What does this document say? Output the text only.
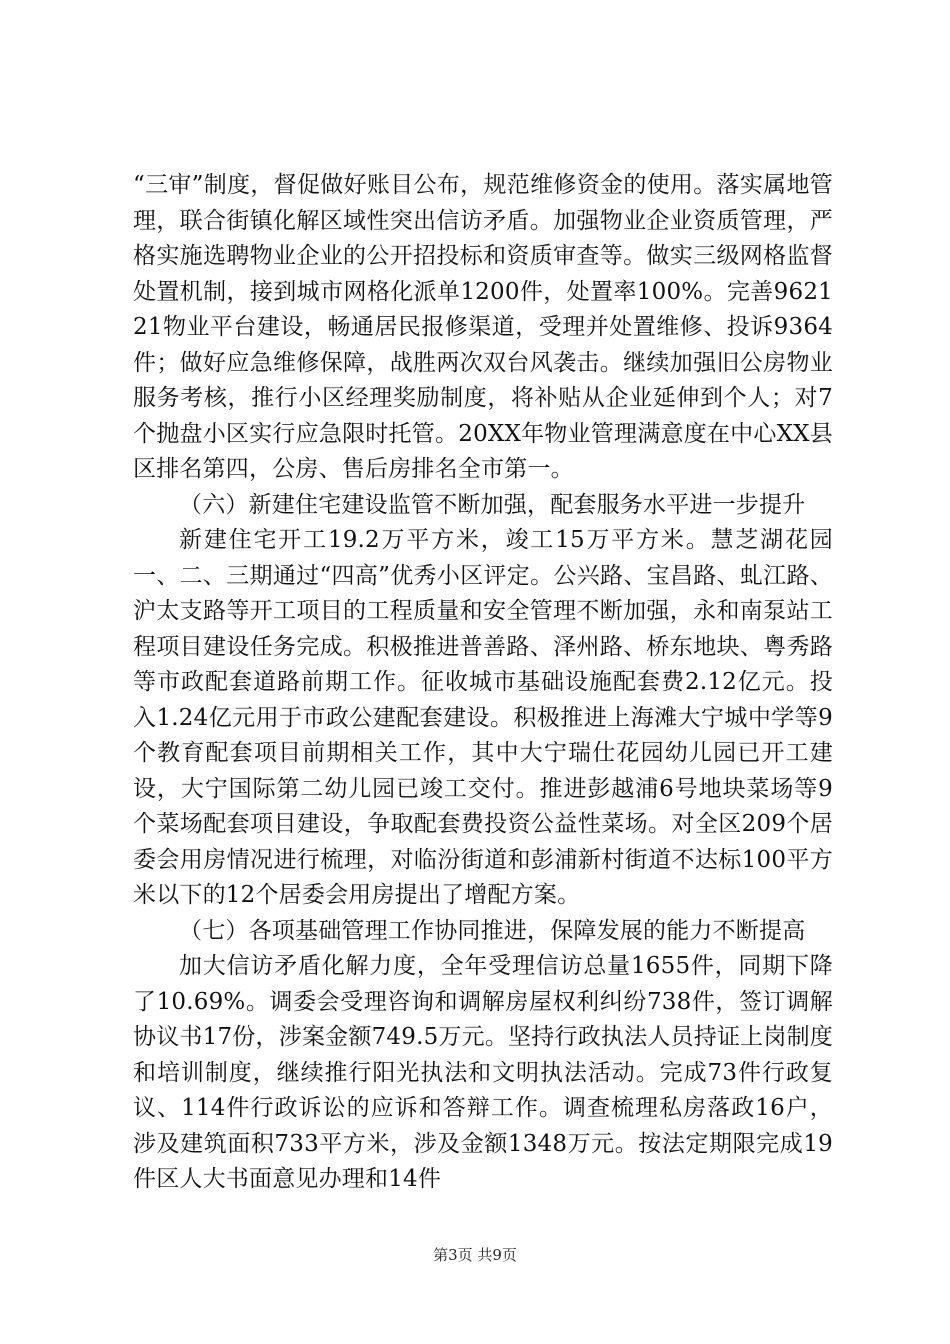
“三审”制度，督促做好账目公布，规范维修资金的使用。落实属地管理，联合街镇化解区域性突出信访矛盾。加强物业企业资质管理，严格实施选聘物业企业的公开招投标和资质审查等。做实三级网格监督处置机制，接到城市网格化派单1200件，处置率100%。完善962121物业平台建设，畅通居民报修渠道，受理并处置维修、投诉9364件；做好应急维修保障，战胜两次双台风袭击。继续加强旧公房物业服务考核，推行小区经理奖励制度，将补贴从企业延伸到个人；对7个抛盘小区实行应急限时托管。20XX年物业管理满意度在中心XX县区排名第四，公房、售后房排名全市第一。

（六）新建住宅建设监管不断加强，配套服务水平进一步提升

新建住宅开工19.2万平方米，竣工15万平方米。慧芝湖花园一、二、三期通过“四高”优秀小区评定。公兴路、宝昌路、虬江路、沪太支路等开工项目的工程质量和安全管理不断加强，永和南泵站工程项目建设任务完成。积极推进普善路、泽州路、桥东地块、粤秀路等市政配套道路前期工作。征收城市基础设施配套费2.12亿元。投入1.24亿元用于市政公建配套建设。积极推进上海滩大宁城中学等9个教育配套项目前期相关工作，其中大宁瑞仕花园幼儿园已开工建设，大宁国际第二幼儿园已竣工交付。推进彭越浦6号地块菜场等9个菜场配套项目建设，争取配套费投资公益性菜场。对全区209个居委会用房情况进行梳理，对临汾街道和彭浦新村街道不达标100平方米以下的12个居委会用房提出了增配方案。

（七）各项基础管理工作协同推进，保障发展的能力不断提高

加大信访矛盾化解力度，全年受理信访总量1655件，同期下降了10.69%。调委会受理咨询和调解房屋权利纠纷738件，签订调解协议书17份，涉案金额749.5万元。坚持行政执法人员持证上岗制度和培训制度，继续推行阳光执法和文明执法活动。完成73件行政复议、114件行政诉讼的应诉和答辩工作。调查梳理私房落政16户，涉及建筑面积733平方米，涉及金额1348万元。按法定期限完成19件区人大书面意见办理和14件

第3页 共9页
